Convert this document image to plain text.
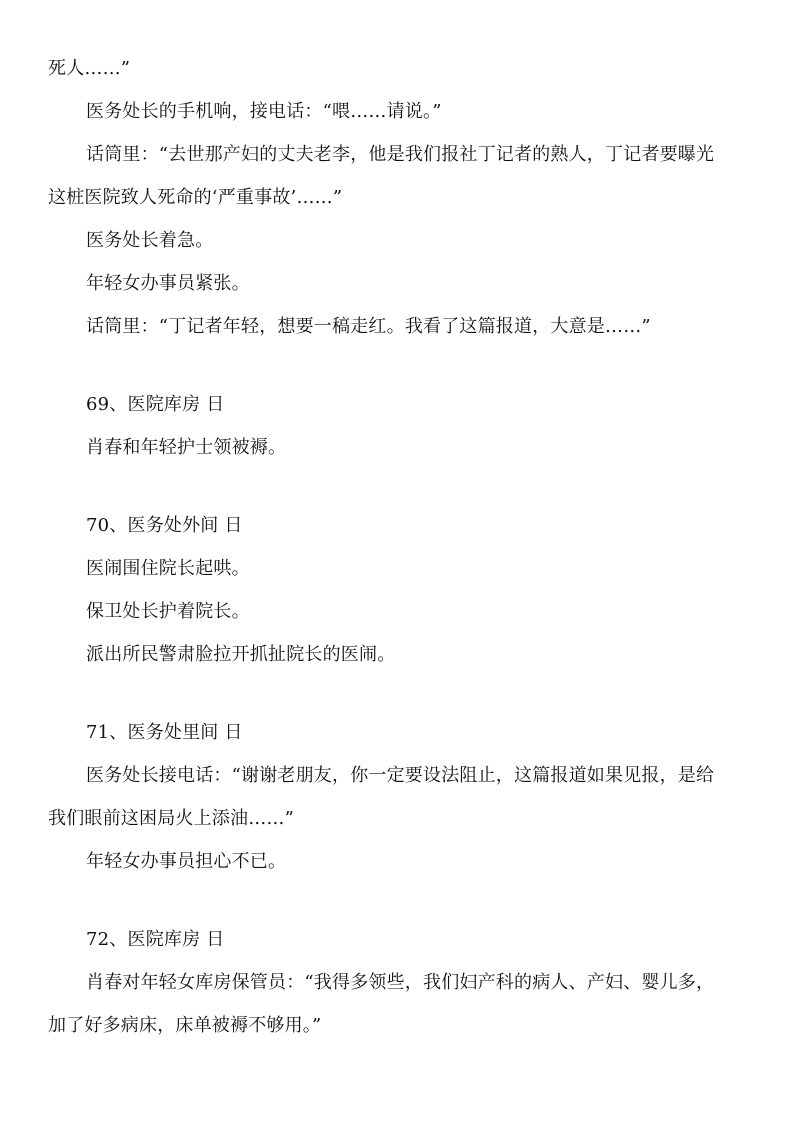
死人……”
医务处长的手机响，接电话：“喂……请说。”
话筒里：“去世那产妇的丈夫老李，他是我们报社丁记者的熟人，丁记者要曝光
这桩医院致人死命的‘严重事故’……”
医务处长着急。
年轻女办事员紧张。
话筒里：“丁记者年轻，想要一稿走红。我看了这篇报道，大意是……”
69、医院库房 日
肖春和年轻护士领被褥。
70、医务处外间 日
医闹围住院长起哄。
保卫处长护着院长。
派出所民警肃脸拉开抓扯院长的医闹。
71、医务处里间 日
医务处长接电话：“谢谢老朋友，你一定要设法阻止，这篇报道如果见报，是给
我们眼前这困局火上添油……”
年轻女办事员担心不已。
72、医院库房 日
肖春对年轻女库房保管员：“我得多领些，我们妇产科的病人、产妇、婴儿多，
加了好多病床，床单被褥不够用。”
